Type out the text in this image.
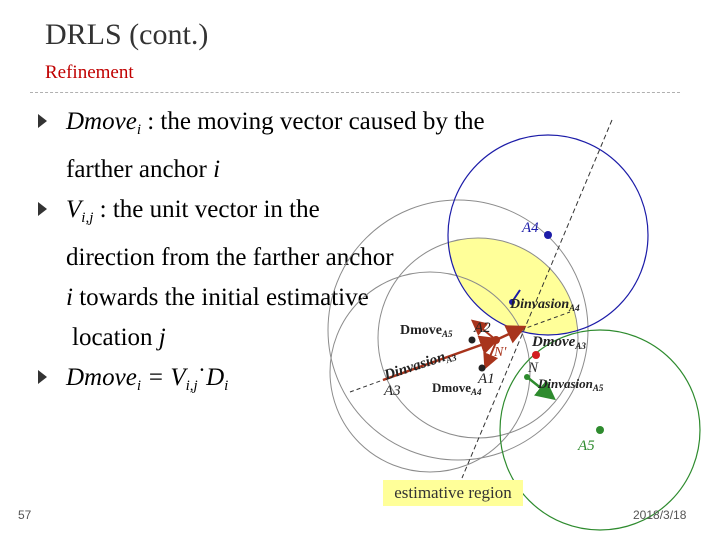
DRLS (cont.)
Refinement
Dmove$_i$ : the moving vector caused by the
farther anchor i
$V_{i,j}$ : the unit vector in the
direction from the farther anchor
i towards the initial estimative
location j
Dmove$_i$ = $V_{i,j}˙D_i$
A4
A5
A2
A1
A3
N'
N
Dmove$_{A5}$
Dmove$_{A4}$
Dmove$_{A3}$
Dinvasion$_{A4}$
Dinvasion$_{A5}$
Dinvasion$_{A3}$
estimative region
57	2018/3/18
